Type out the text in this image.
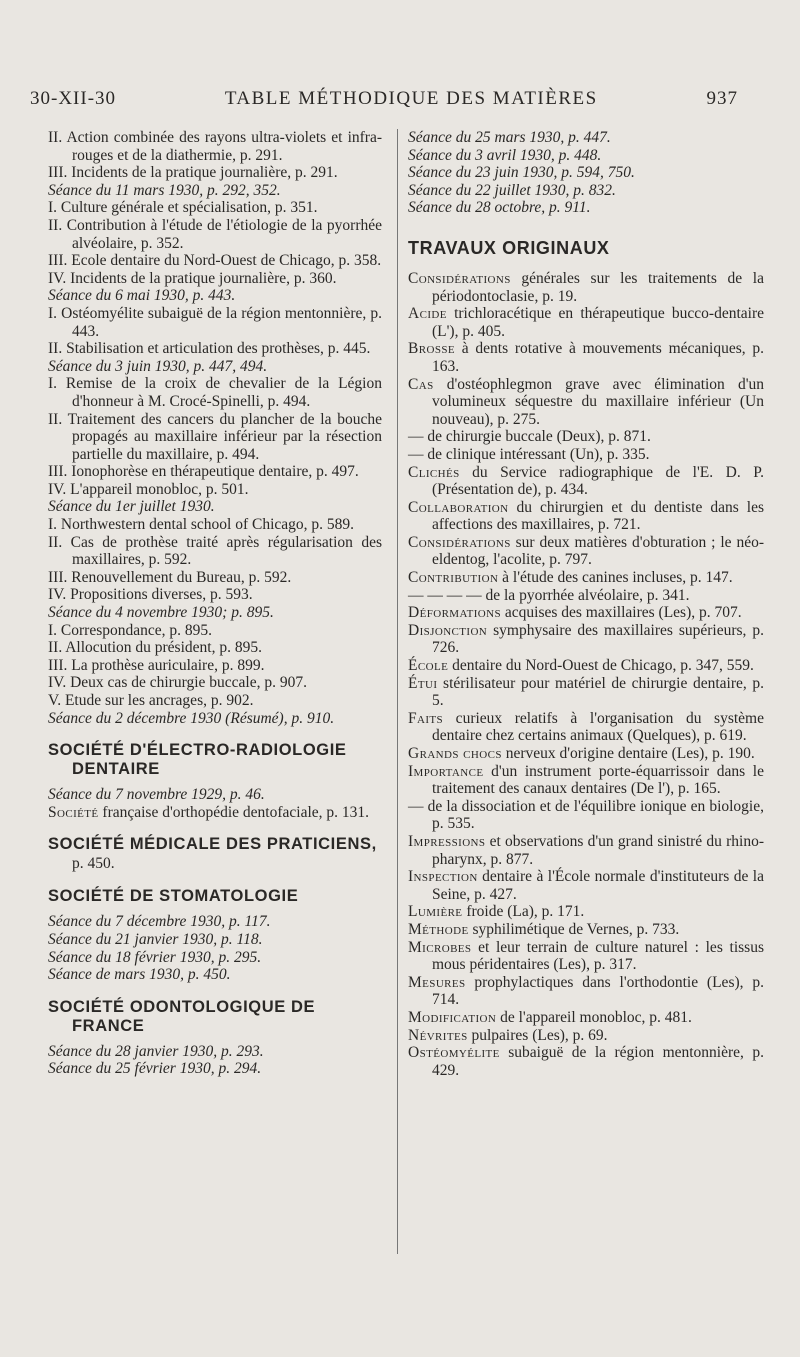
30-XII-30	TABLE MÉTHODIQUE DES MATIÈRES	937

II. Action combinée des rayons ultra-violets et infra-rouges et de la diathermie, p. 291.

III. Incidents de la pratique journalière, p. 291.

Séance du 11 mars 1930, p. 292, 352.

I. Culture générale et spécialisation, p. 351.

II. Contribution à l'étude de l'étiologie de la pyorrhée alvéolaire, p. 352.

III. Ecole dentaire du Nord-Ouest de Chicago, p. 358.

IV. Incidents de la pratique journalière, p. 360.

Séance du 6 mai 1930, p. 443.

I. Ostéomyélite subaiguë de la région mentonnière, p. 443.

II. Stabilisation et articulation des prothèses, p. 445.

Séance du 3 juin 1930, p. 447, 494.

I. Remise de la croix de chevalier de la Légion d'honneur à M. Crocé-Spinelli, p. 494.

II. Traitement des cancers du plancher de la bouche propagés au maxillaire inférieur par la résection partielle du maxillaire, p. 494.

III. Ionophorèse en thérapeutique dentaire, p. 497.

IV. L'appareil monobloc, p. 501.

Séance du 1er juillet 1930.

I. Northwestern dental school of Chicago, p. 589.

II. Cas de prothèse traité après régularisation des maxillaires, p. 592.

III. Renouvellement du Bureau, p. 592.

IV. Propositions diverses, p. 593.

Séance du 4 novembre 1930; p. 895.

I. Correspondance, p. 895.

II. Allocution du président, p. 895.

III. La prothèse auriculaire, p. 899.

IV. Deux cas de chirurgie buccale, p. 907.

V. Etude sur les ancrages, p. 902.

Séance du 2 décembre 1930 (Résumé), p. 910.

SOCIÉTÉ D'ÉLECTRO-RADIOLOGIE DENTAIRE

Séance du 7 novembre 1929, p. 46.

Société française d'orthopédie dentofaciale, p. 131.

SOCIÉTÉ MÉDICALE DES PRATICIENS, p. 450.

SOCIÉTÉ DE STOMATOLOGIE

Séance du 7 décembre 1930, p. 117.

Séance du 21 janvier 1930, p. 118.

Séance du 18 février 1930, p. 295.

Séance de mars 1930, p. 450.

SOCIÉTÉ ODONTOLOGIQUE DE FRANCE

Séance du 28 janvier 1930, p. 293.

Séance du 25 février 1930, p. 294.

Séance du 25 mars 1930, p. 447.

Séance du 3 avril 1930, p. 448.

Séance du 23 juin 1930, p. 594, 750.

Séance du 22 juillet 1930, p. 832.

Séance du 28 octobre, p. 911.

TRAVAUX ORIGINAUX

Considérations générales sur les traitements de la périodontoclasie, p. 19.

Acide trichloracétique en thérapeutique bucco-dentaire (L'), p. 405.

Brosse à dents rotative à mouvements mécaniques, p. 163.

Cas d'ostéophlegmon grave avec élimination d'un volumineux séquestre du maxillaire inférieur (Un nouveau), p. 275.

— de chirurgie buccale (Deux), p. 871.

— de clinique intéressant (Un), p. 335.

Clichés du Service radiographique de l'E. D. P. (Présentation de), p. 434.

Collaboration du chirurgien et du dentiste dans les affections des maxillaires, p. 721.

Considérations sur deux matières d'obturation ; le néo-eldentog, l'acolite, p. 797.

Contribution à l'étude des canines incluses, p. 147.

— — — — de la pyorrhée alvéolaire, p. 341.

Déformations acquises des maxillaires (Les), p. 707.

Disjonction symphysaire des maxillaires supérieurs, p. 726.

École dentaire du Nord-Ouest de Chicago, p. 347, 559.

Étui stérilisateur pour matériel de chirurgie dentaire, p. 5.

Faits curieux relatifs à l'organisation du système dentaire chez certains animaux (Quelques), p. 619.

Grands chocs nerveux d'origine dentaire (Les), p. 190.

Importance d'un instrument porte-équarrissoir dans le traitement des canaux dentaires (De l'), p. 165.

— de la dissociation et de l'équilibre ionique en biologie, p. 535.

Impressions et observations d'un grand sinistré du rhino-pharynx, p. 877.

Inspection dentaire à l'École normale d'instituteurs de la Seine, p. 427.

Lumière froide (La), p. 171.

Méthode syphilimétique de Vernes, p. 733.

Microbes et leur terrain de culture naturel : les tissus mous péridentaires (Les), p. 317.

Mesures prophylactiques dans l'orthodontie (Les), p. 714.

Modification de l'appareil monobloc, p. 481.

Névrites pulpaires (Les), p. 69.

Ostéomyélite subaiguë de la région mentonnière, p. 429.
